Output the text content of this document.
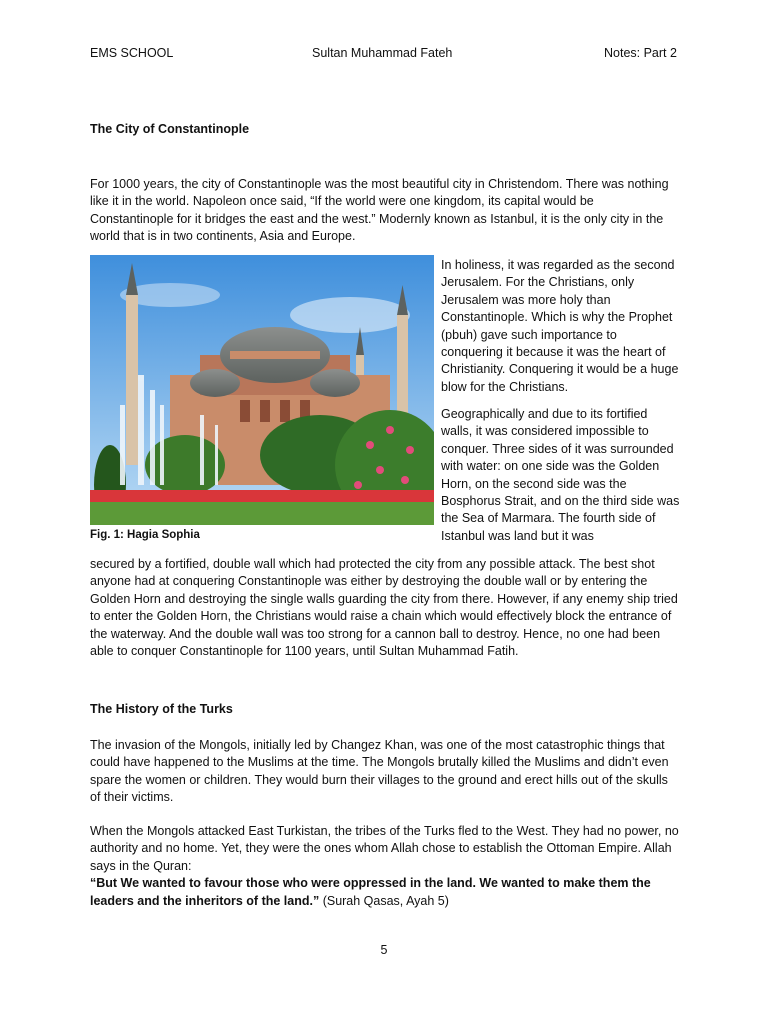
EMS SCHOOL	Sultan Muhammad Fateh	Notes: Part 2
The City of Constantinople

For 1000 years, the city of Constantinople was the most beautiful city in Christendom. There was nothing like it in the world. Napoleon once said, “If the world were one kingdom, its capital would be Constantinople for it bridges the east and the west.” Modernly known as Istanbul, it is the only city in the world that is in two continents, Asia and Europe.

In holiness, it was regarded as the second Jerusalem. For the Christians, only Jerusalem was more holy than Constantinople. Which is why the Prophet (pbuh) gave such importance to conquering it because it was the heart of Christianity. Conquering it would be a huge blow for the Christians.

Geographically and due to its fortified walls, it was considered impossible to conquer. Three sides of it was surrounded with water: on one side was the Golden Horn, on the second side was the Bosphorus Strait, and on the third side was the Sea of Marmara. The fourth side of Istanbul was land but it was

Fig. 1: Hagia Sophia

secured by a fortified, double wall which had protected the city from any possible attack. The best shot anyone had at conquering Constantinople was either by destroying the double wall or by entering the Golden Horn and destroying the single walls guarding the city from there. However, if any enemy ship tried to enter the Golden Horn, the Christians would raise a chain which would effectively block the entrance of the waterway. And the double wall was too strong for a cannon ball to destroy. Hence, no one had been able to conquer Constantinople for 1100 years, until Sultan Muhammad Fatih.

The History of the Turks

The invasion of the Mongols, initially led by Changez Khan, was one of the most catastrophic things that could have happened to the Muslims at the time. The Mongols brutally killed the Muslims and didn’t even spare the women or children. They would burn their villages to the ground and erect hills out of the skulls of their victims.

When the Mongols attacked East Turkistan, the tribes of the Turks fled to the West. They had no power, no authority and no home. Yet, they were the ones whom Allah chose to establish the Ottoman Empire. Allah says in the Quran:
“But We wanted to favour those who were oppressed in the land. We wanted to make them the leaders and the inheritors of the land.” (Surah Qasas, Ayah 5)

5
